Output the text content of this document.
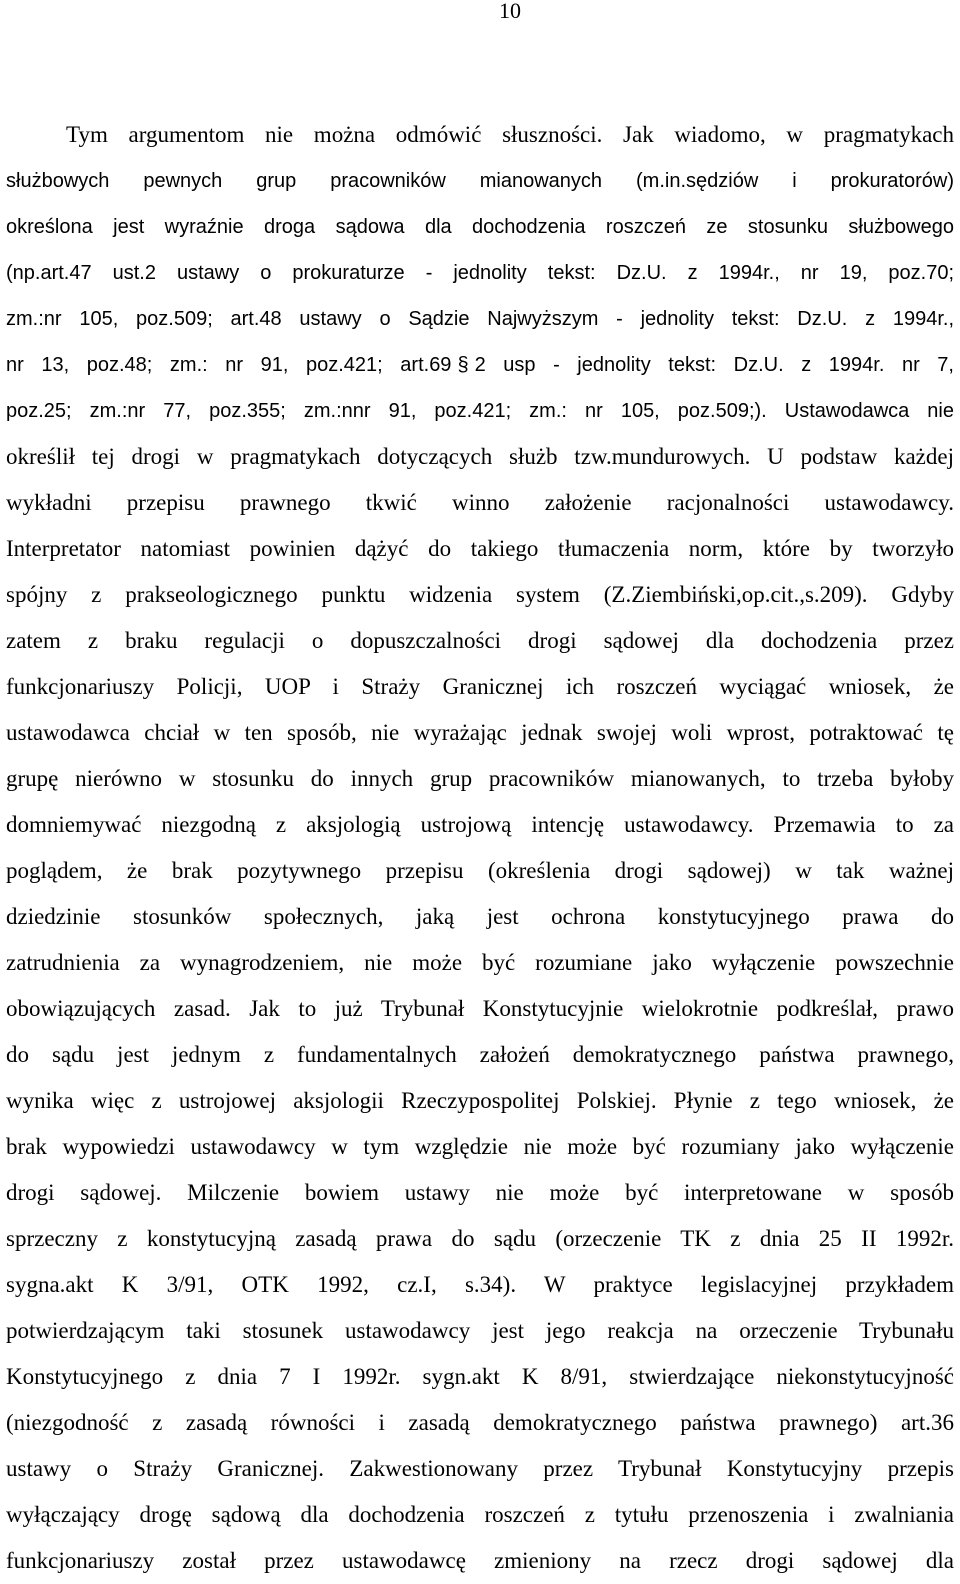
10
Tym argumentom nie można odmówić słuszności. Jak wiadomo, w pragmatykach
służbowych pewnych grup pracowników mianowanych (m.in.sędziów i prokuratorów)
określona jest wyraźnie droga sądowa dla dochodzenia roszczeń ze stosunku służbowego
(np.art.47 ust.2 ustawy o prokuraturze - jednolity tekst: Dz.U. z 1994r., nr 19, poz.70;
zm.:nr 105, poz.509; art.48 ustawy o Sądzie Najwyższym - jednolity tekst: Dz.U. z 1994r.,
nr 13, poz.48; zm.: nr 91, poz.421; art.69 § 2 usp - jednolity tekst: Dz.U. z 1994r. nr 7,
poz.25; zm.:nr 77, poz.355; zm.:nnr 91, poz.421; zm.: nr 105, poz.509;). Ustawodawca nie
określił tej drogi w pragmatykach dotyczących służb tzw.mundurowych. U podstaw każdej
wykładni przepisu prawnego tkwić winno założenie racjonalności ustawodawcy.
Interpretator natomiast powinien dążyć do takiego tłumaczenia norm, które by tworzyło
spójny z prakseologicznego punktu widzenia system (Z.Ziembiński,op.cit.,s.209). Gdyby
zatem z braku regulacji o dopuszczalności drogi sądowej dla dochodzenia przez
funkcjonariuszy Policji, UOP i Straży Granicznej ich roszczeń wyciągać wniosek, że
ustawodawca chciał w ten sposób, nie wyrażając jednak swojej woli wprost, potraktować tę
grupę nierówno w stosunku do innych grup pracowników mianowanych, to trzeba byłoby
domniemywać niezgodną z aksjologią ustrojową intencję ustawodawcy. Przemawia to za
poglądem, że brak pozytywnego przepisu (określenia drogi sądowej) w tak ważnej
dziedzinie stosunków społecznych, jaką jest ochrona konstytucyjnego prawa do
zatrudnienia za wynagrodzeniem, nie może być rozumiane jako wyłączenie powszechnie
obowiązujących zasad. Jak to już Trybunał Konstytucyjnie wielokrotnie podkreślał, prawo
do sądu jest jednym z fundamentalnych założeń demokratycznego państwa prawnego,
wynika więc z ustrojowej aksjologii Rzeczypospolitej Polskiej. Płynie z tego wniosek, że
brak wypowiedzi ustawodawcy w tym względzie nie może być rozumiany jako wyłączenie
drogi sądowej. Milczenie bowiem ustawy nie może być interpretowane w sposób
sprzeczny z konstytucyjną zasadą prawa do sądu (orzeczenie TK z dnia 25 II 1992r.
sygna.akt K 3/91, OTK 1992, cz.I, s.34). W praktyce legislacyjnej przykładem
potwierdzającym taki stosunek ustawodawcy jest jego reakcja na orzeczenie Trybunału
Konstytucyjnego z dnia 7 I 1992r. sygn.akt K 8/91, stwierdzające niekonstytucyjność
(niezgodność z zasadą równości i zasadą demokratycznego państwa prawnego) art.36
ustawy o Straży Granicznej. Zakwestionowany przez Trybunał Konstytucyjny przepis
wyłączający drogę sądową dla dochodzenia roszczeń z tytułu przenoszenia i zwalniania
funkcjonariuszy został przez ustawodawcę zmieniony na rzecz drogi sądowej dla
